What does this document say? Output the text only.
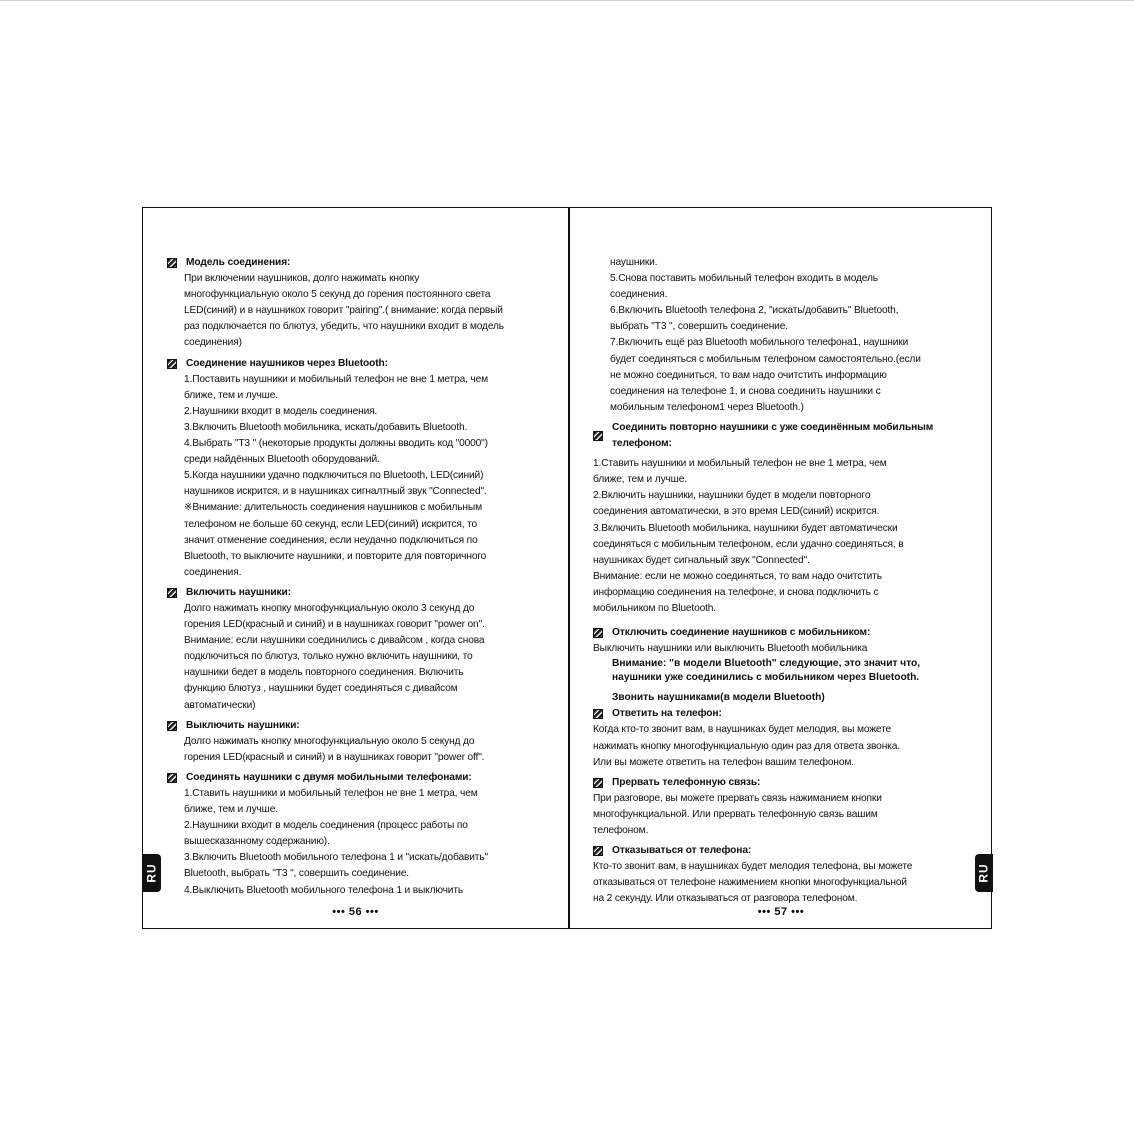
Модель соединения:

При включении наушников, долго нажимать кнопку
многофункциальную около 5 секунд до горения постоянного света
LED(синий) и в наушникох говорит "pairing".( внимание: когда первый
раз подключается по блютуз, убедить, что наушники входит в модель
соединения)

Соединение наушников через Bluetooth:

1.Поставить наушники и мобильный телефон не вне 1 метра, чем
ближе, тем и лучше.
2.Наушники входит в модель соединения.
3.Включить Bluetooth мобильника, искать/добавить Bluetooth.
4.Выбрать "T3 " (некоторые продукты должны вводить код "0000")
среди найдённых Bluetooth оборудований.
5.Когда наушники удачно подключиться по Bluetooth, LED(синий)
наушников искрится, и в наушниках сигналтный звук "Connected".
※Внимание: длительность соединения наушников с мобильным
телефоном не больше 60 секунд, если LED(синий) искрится, то
значит отменение соединения, если неудачно подключиться по
Bluetooth, то выключите наушники, и повторите для повторичного
соединения.

Включить наушники:

Долго нажимать кнопку многофункциальную около 3 секунд до
горения LED(красный и синий) и в наушниках говорит "power on".
Внимание: если наушники соединились с дивайсом , когда снова
подключиться по блютуз, только нужно включить наушники, то
наушники бедет в модель повторного соединения. Включить
функцию блютуз , наушники будет соединяться с дивайсом
автоматически)

Выключить наушники:

Долго нажимать кнопку многофункциальную около 5 секунд до
горения LED(красный и синий) и в наушниках говорит "power off".

Соединять наушники с двумя мобильными телефонами:

1.Ставить наушники и мобильный телефон не вне 1 метра, чем
ближе, тем и лучше.
2.Наушники входит в модель соединения (процесс работы по
вышесказанному содержанию).
3.Включить Bluetooth мобильного телефона 1 и "искать/добавить"
Bluetooth, выбрать "T3 ", совершить соединение.
4.Выключить Bluetooth мобильного телефона 1 и выключить

RU
••• 56 •••

наушники.
5.Снова поставить мобильный телефон входить в модель
соединения.
6.Включить Bluetooth телефона 2, "искать/добавить" Bluetooth,
выбрать "T3 ", совершить соединение.
7.Включить ещё раз Bluetooth мобильного телефона1, наушники
будет соединяться с мобильным телефоном самостоятельно.(если
не можно соединиться, то вам надо очитстить информацию
соединения на телефоне 1, и снова соединить наушники с
мобильным телефоном1 через Bluetooth.)

Соединить повторно наушники с уже соединённым мобильным
телефоном:

1.Ставить наушники и мобильный телефон не вне 1 метра, чем
ближе, тем и лучше.
2.Включить наушники, наушники будет в модели повторного
соединения автоматически, в это время LED(синий) искрится.
3.Включить Bluetooth мобильника, наушники будет автоматически
соединяться с мобильным телефоном, если удачно соединяться, в
наушниках будет сигнальный звук "Connected".
Внимание: если не можно соединяться, то вам надо очитстить
информацию соединения на телефоне, и снова подключить с
мобильником по Bluetooth.

Отключить соединение наушников с мобильником:

Выключить наушники или выключить Bluetooth мобильника

Внимание: "в модели Bluetooth" следующие, это значит что,
наушники уже соединились с мобильником через Bluetooth.

Звонить наушниками(в модели Bluetooth)
Ответить на телефон:

Когда кто-то звонит вам, в наушниках будет мелодия, вы можете
нажимать кнопку многофункциальную один раз для ответа звонка.
Или вы можете ответить на телефон вашим телефоном.

Прервать телефонную связь:

При разговоре, вы можете прервать связь нажиманием кнопки
многофункциальной. Или прервать телефонную связь вашим
телефоном.

Отказываться от телефона:

Кто-то звонит вам, в наушниках будет мелодия телефона, вы можете
отказываться от телефоне нажимением кнопки многофункциальной
на 2 секунду. Или отказываться от разговора телефоном.

RU
••• 57 •••
